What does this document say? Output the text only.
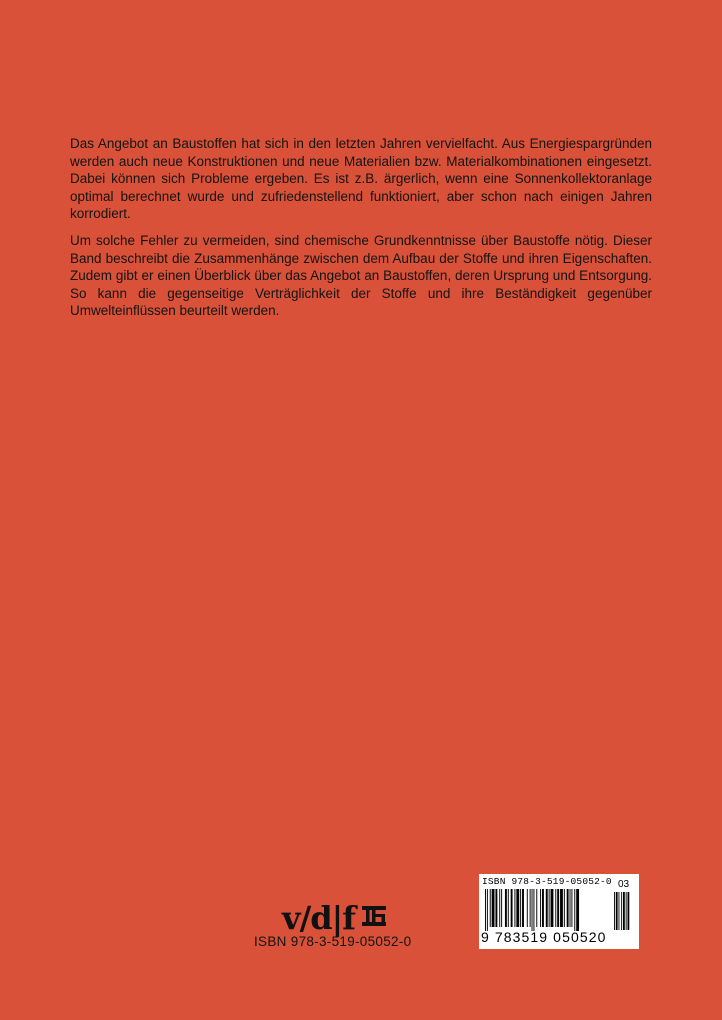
Das Angebot an Baustoffen hat sich in den letzten Jahren vervielfacht. Aus Energiespargründen werden auch neue Konstruktionen und neue Materialien bzw. Materialkombinationen eingesetzt. Dabei können sich Probleme ergeben. Es ist z.B. ärgerlich, wenn eine Sonnenkollektoranlage optimal berechnet wurde und zufriedenstellend funktioniert, aber schon nach einigen Jahren korrodiert.

Um solche Fehler zu vermeiden, sind chemische Grundkenntnisse über Baustoffe nötig. Dieser Band beschreibt die Zusammenhänge zwischen dem Aufbau der Stoffe und ihren Eigenschaften. Zudem gibt er einen Überblick über das Angebot an Baustoffen, deren Ursprung und Entsorgung. So kann die gegenseitige Verträglichkeit der Stoffe und ihre Beständigkeit gegenüber Umwelteinflüssen beurteilt werden.

v/d|f
ISBN 978-3-519-05052-0
ISBN 978-3-519-05052-0 03
9 783519 050520
